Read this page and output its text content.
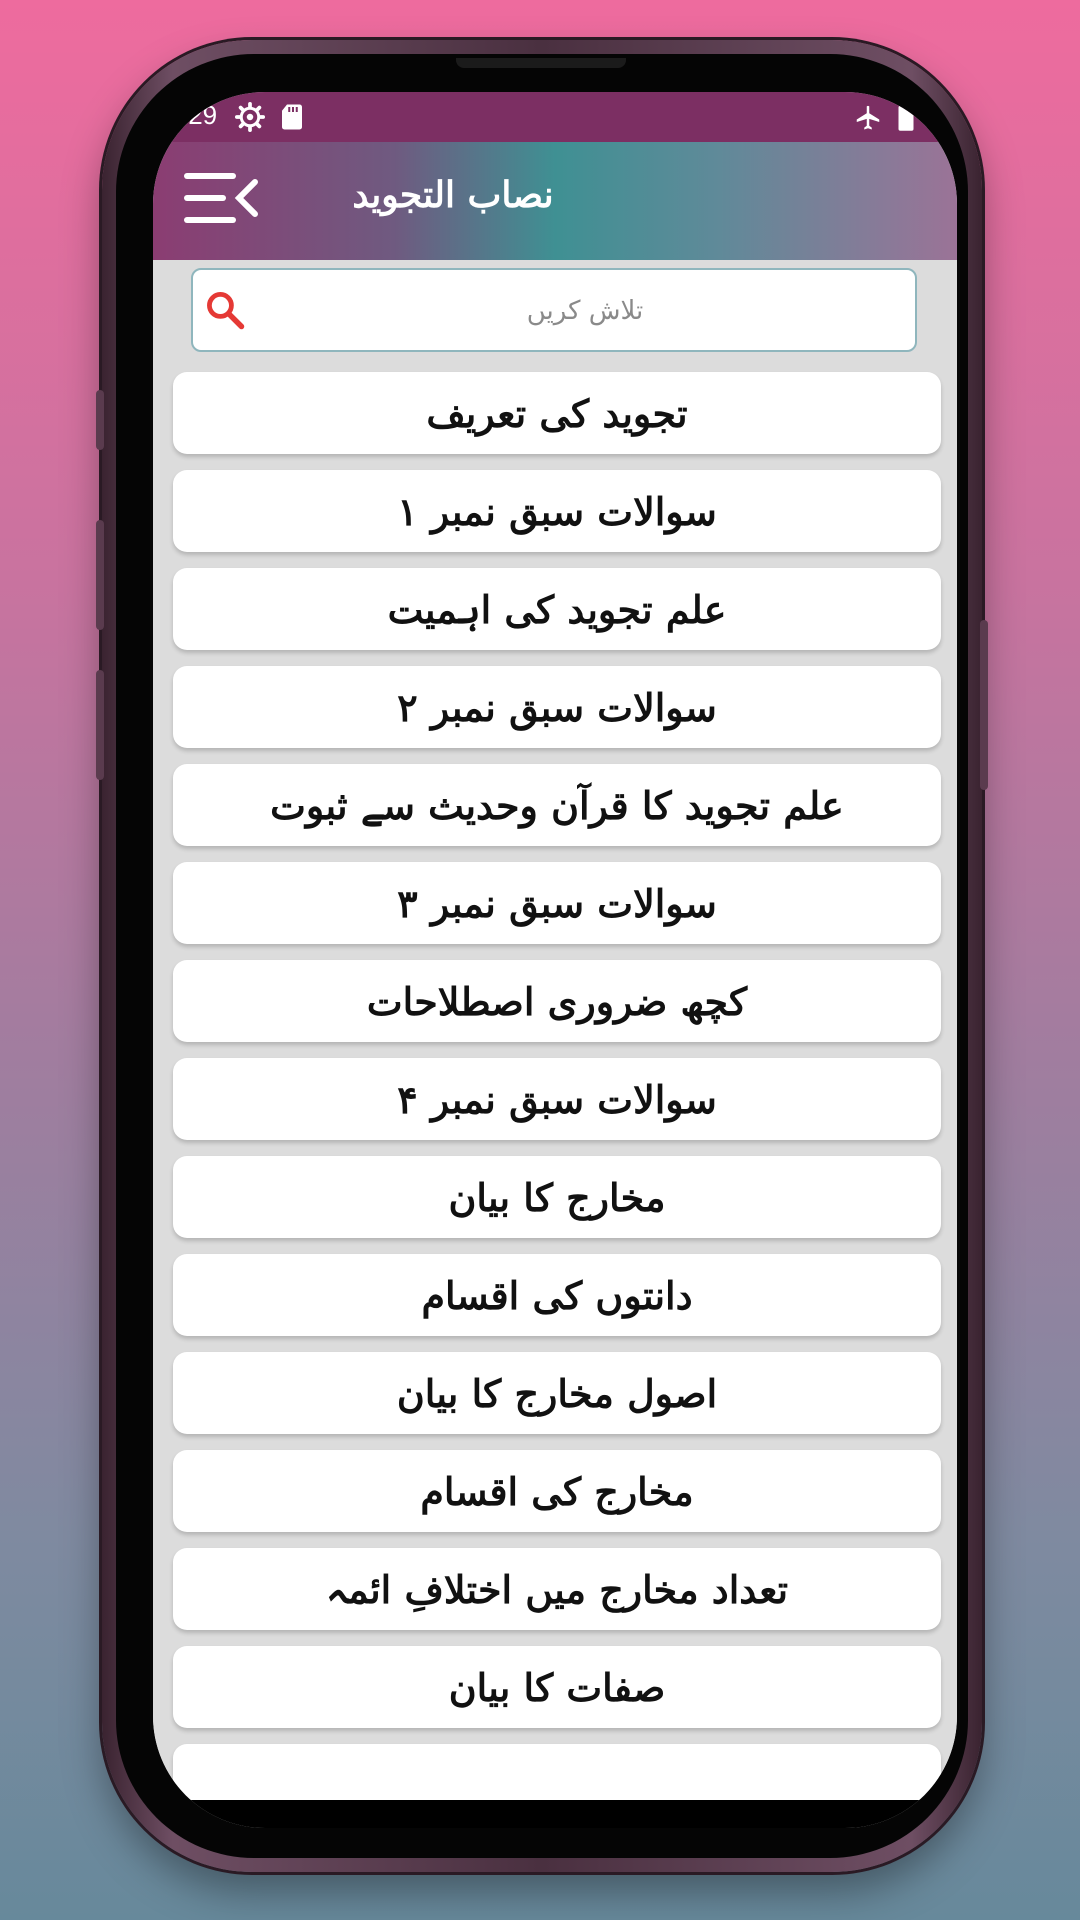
:29
نصاب التجوید
تلاش کریں
تجوید کی تعریف
سوالات سبق نمبر ١
علم تجوید کی اہمیت
سوالات سبق نمبر ٢
علم تجوید کا قرآن وحدیث سے ثبوت
سوالات سبق نمبر ٣
کچھ ضروری اصطلاحات
سوالات سبق نمبر ۴
مخارج کا بیان
دانتوں کی اقسام
اصول مخارج کا بیان
مخارج کی اقسام
تعداد مخارج میں اختلافِ ائمہ
صفات کا بیان
